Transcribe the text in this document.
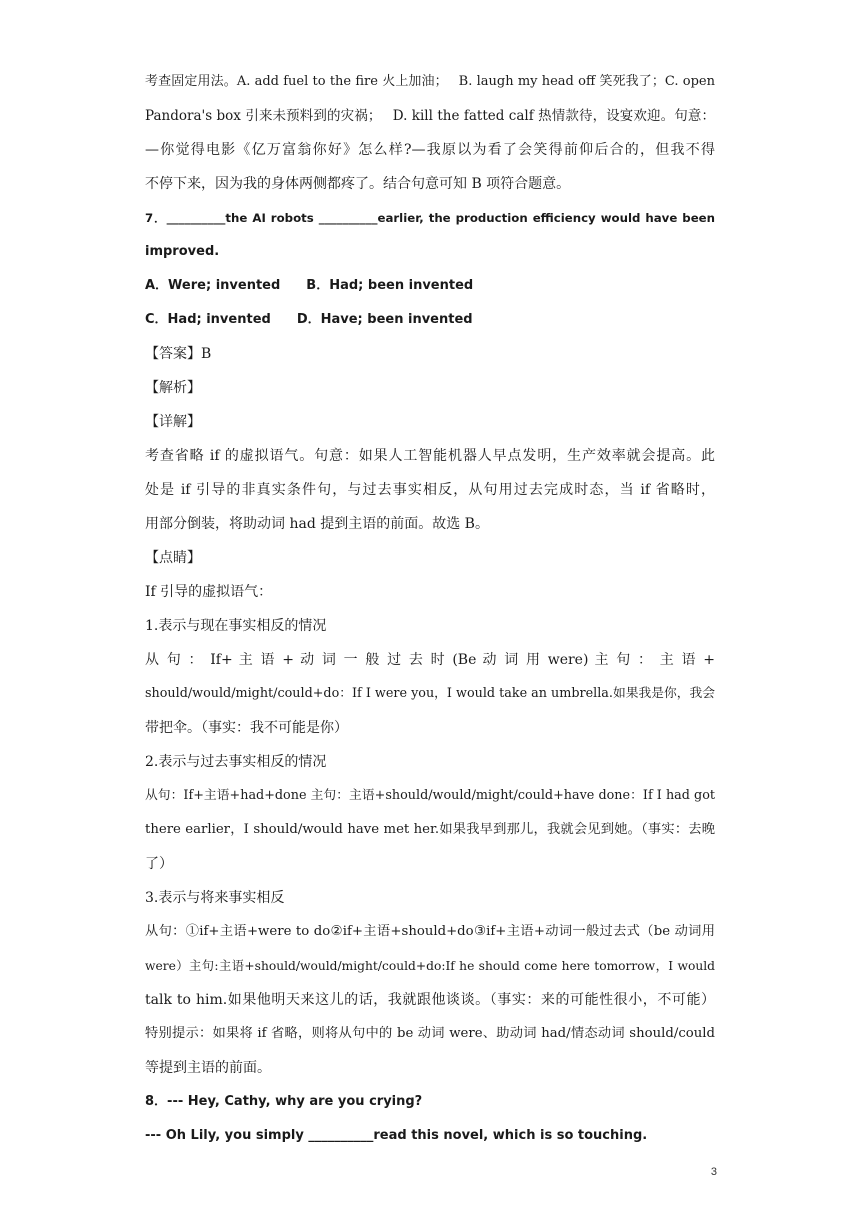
考查固定用法。A. add fuel to the fire 火上加油；　 B. laugh my head off 笑死我了；C. open
Pandora's box 引来未预料到的灾祸；　 D. kill the fatted calf 热情款待，设宴欢迎。句意：
—你觉得电影《亿万富翁你好》怎么样?—我原以为看了会笑得前仰后合的，但我不得
不停下来，因为我的身体两侧都疼了。结合句意可知 B 项符合题意。
7．__________the AI robots __________earlier, the production efficiency would have been
improved.
A．Were; invented　　B．Had; been invented
C．Had; invented　　D．Have; been invented
【答案】B
【解析】
【详解】
考查省略 if 的虚拟语气。句意：如果人工智能机器人早点发明，生产效率就会提高。此
处是 if 引导的非真实条件句，与过去事实相反，从句用过去完成时态，当 if 省略时，
用部分倒装，将助动词 had 提到主语的前面。故选 B。
【点睛】
If 引导的虚拟语气：
1.表示与现在事实相反的情况
从 句 ： If+ 主 语 + 动 词 一 般 过 去 时 (Be 动 词 用 were) 主 句 ： 主 语 +
should/would/might/could+do：If I were you，I would take an umbrella.如果我是你，我会
带把伞。（事实：我不可能是你）
2.表示与过去事实相反的情况
从句：If+主语+had+done 主句：主语+should/would/might/could+have done：If I had got
there earlier，I should/would have met her.如果我早到那儿，我就会见到她。（事实：去晚
了）
3.表示与将来事实相反
从句：①if+主语+were to do②if+主语+should+do③if+主语+动词一般过去式（be 动词用
were）主句:主语+should/would/might/could+do:If he should come here tomorrow，I would
talk to him.如果他明天来这儿的话，我就跟他谈谈。（事实：来的可能性很小，不可能）
特别提示：如果将 if 省略，则将从句中的 be 动词 were、助动词 had/情态动词 should/could
等提到主语的前面。
8．--- Hey, Cathy, why are you crying?
--- Oh Lily, you simply __________read this novel, which is so touching.
3
